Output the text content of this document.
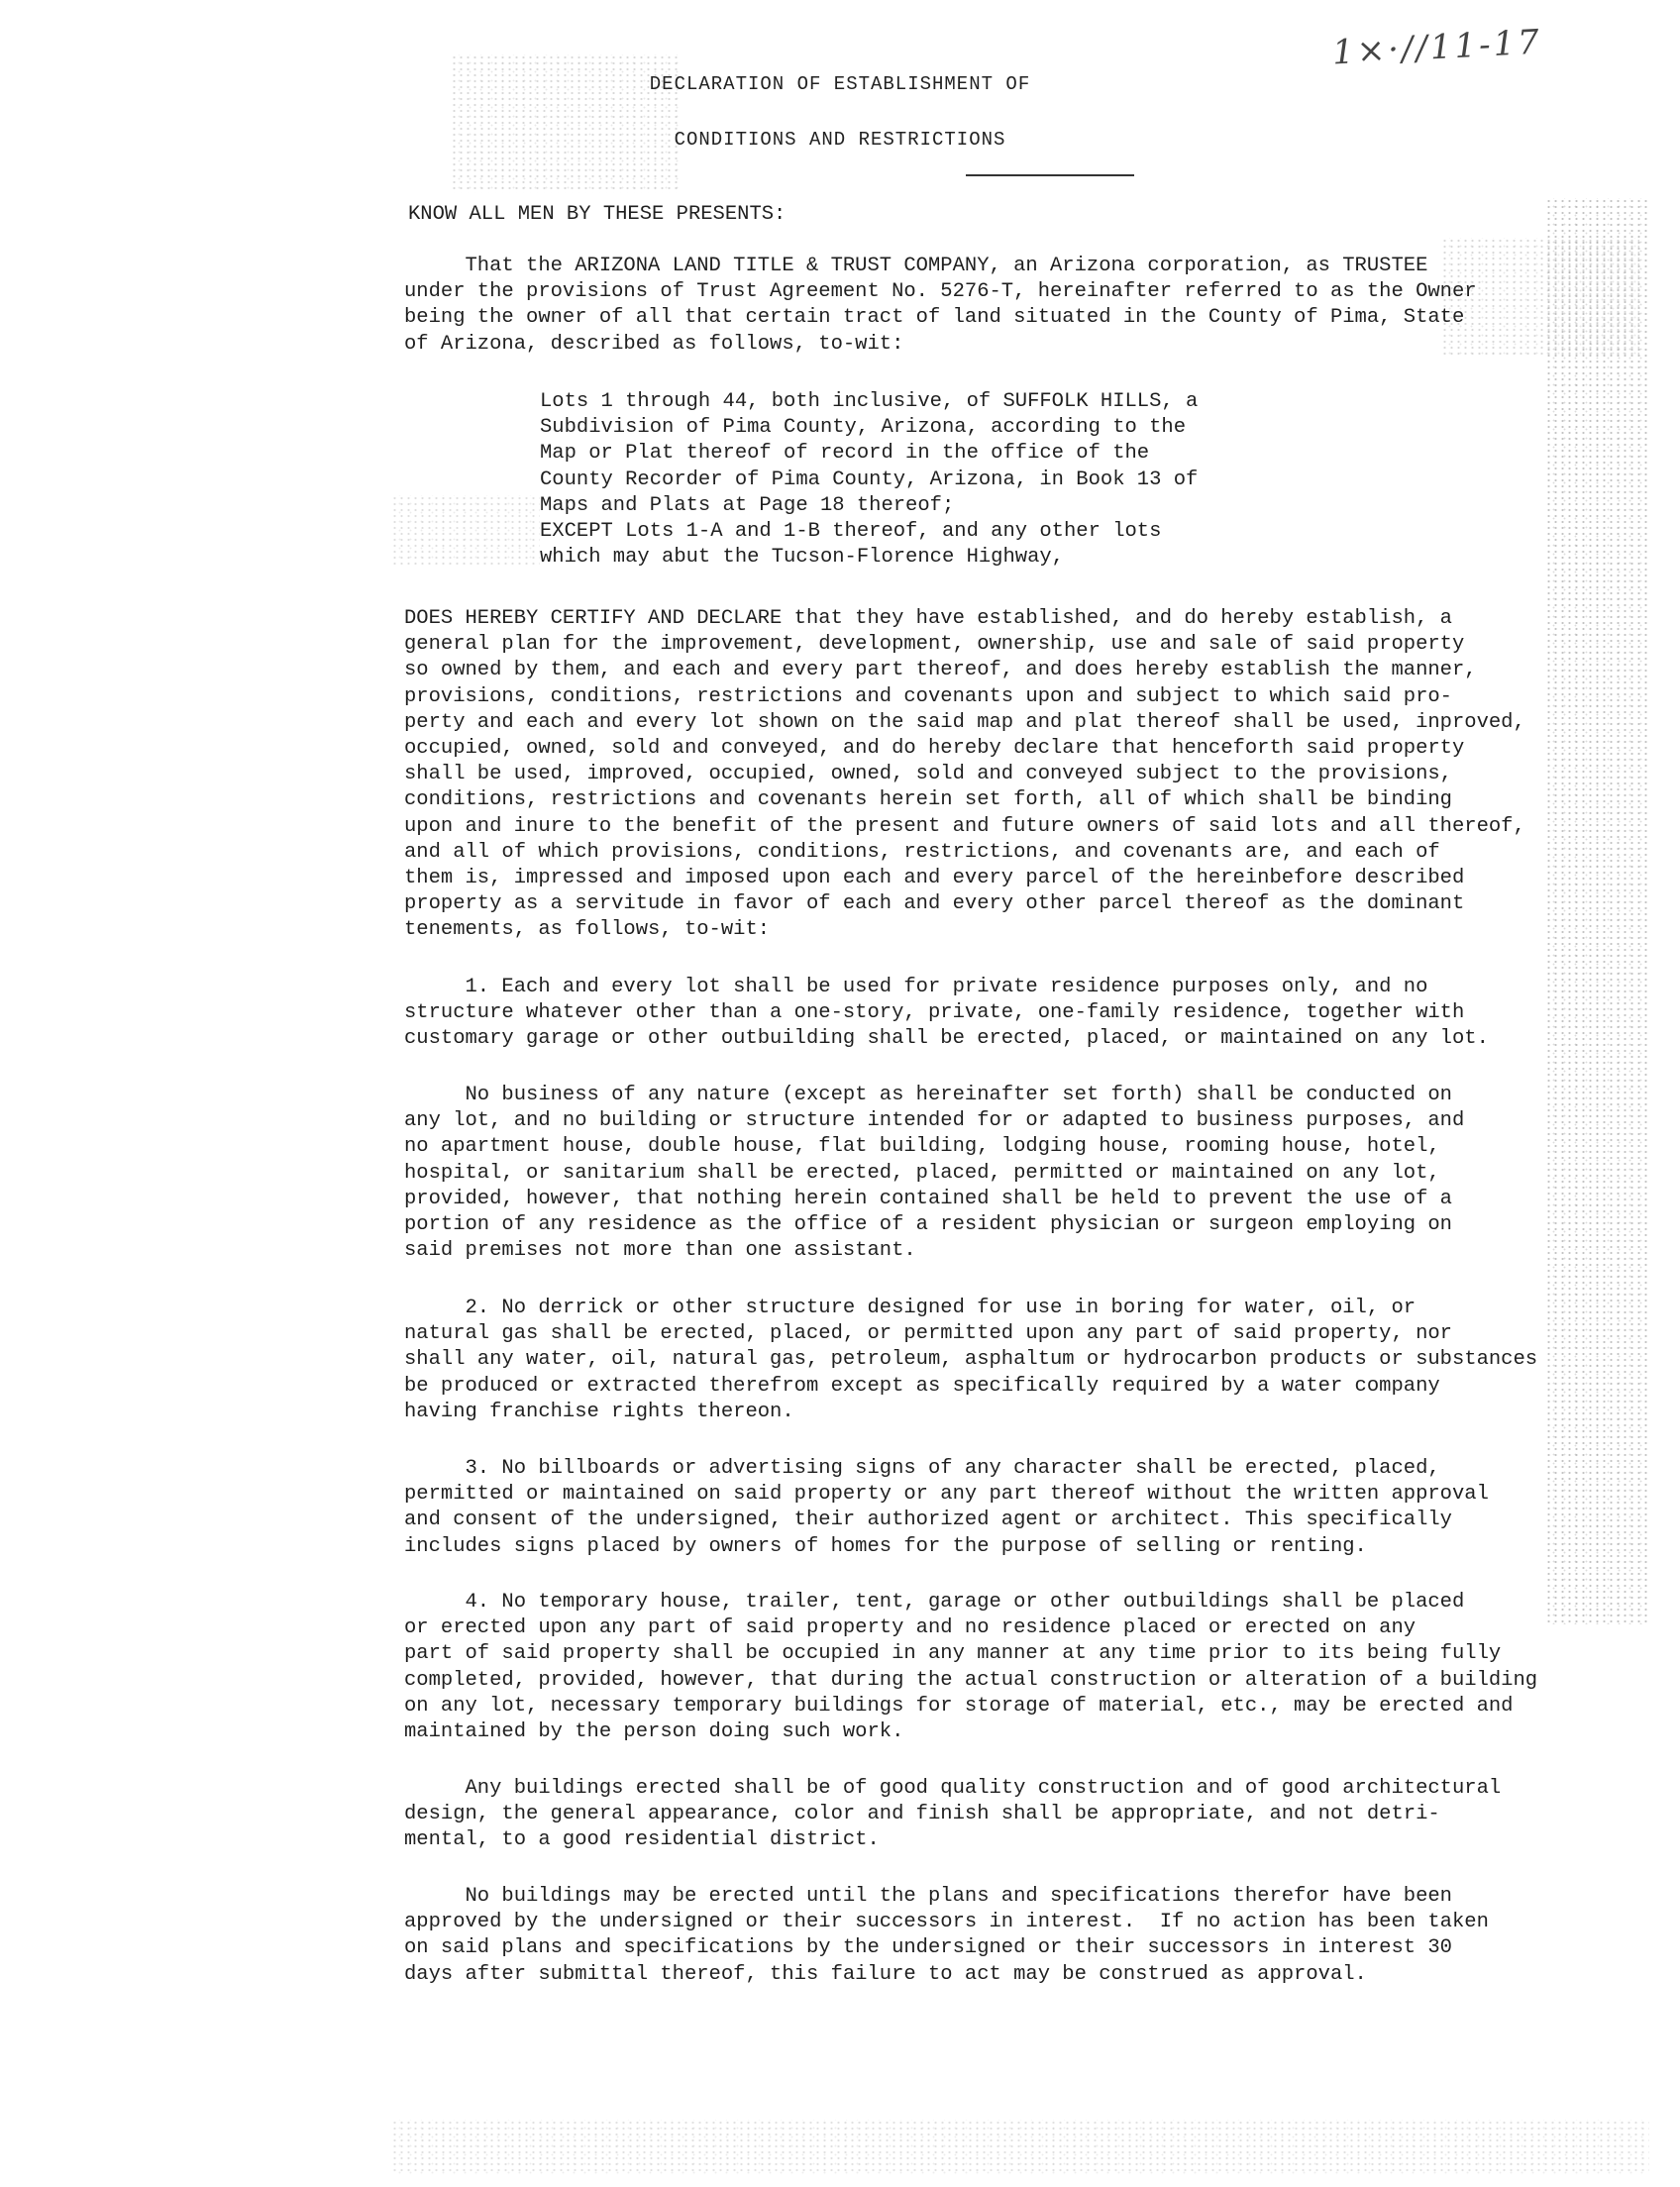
1×·//11-17
DECLARATION OF ESTABLISHMENT OF
CONDITIONS AND RESTRICTIONS
KNOW ALL MEN BY THESE PRESENTS:
That the ARIZONA LAND TITLE & TRUST COMPANY, an Arizona corporation, as TRUSTEE
under the provisions of Trust Agreement No. 5276-T, hereinafter referred to as the Owner
being the owner of all that certain tract of land situated in the County of Pima, State
of Arizona, described as follows, to-wit:
Lots 1 through 44, both inclusive, of SUFFOLK HILLS, a
Subdivision of Pima County, Arizona, according to the
Map or Plat thereof of record in the office of the
County Recorder of Pima County, Arizona, in Book 13 of
Maps and Plats at Page 18 thereof;
EXCEPT Lots 1-A and 1-B thereof, and any other lots
which may abut the Tucson-Florence Highway,
DOES HEREBY CERTIFY AND DECLARE that they have established, and do hereby establish, a
general plan for the improvement, development, ownership, use and sale of said property
so owned by them, and each and every part thereof, and does hereby establish the manner,
provisions, conditions, restrictions and covenants upon and subject to which said pro-
perty and each and every lot shown on the said map and plat thereof shall be used, inproved,
occupied, owned, sold and conveyed, and do hereby declare that henceforth said property
shall be used, improved, occupied, owned, sold and conveyed subject to the provisions,
conditions, restrictions and covenants herein set forth, all of which shall be binding
upon and inure to the benefit of the present and future owners of said lots and all thereof,
and all of which provisions, conditions, restrictions, and covenants are, and each of
them is, impressed and imposed upon each and every parcel of the hereinbefore described
property as a servitude in favor of each and every other parcel thereof as the dominant
tenements, as follows, to-wit:
1. Each and every lot shall be used for private residence purposes only, and no
structure whatever other than a one-story, private, one-family residence, together with
customary garage or other outbuilding shall be erected, placed, or maintained on any lot.
No business of any nature (except as hereinafter set forth) shall be conducted on
any lot, and no building or structure intended for or adapted to business purposes, and
no apartment house, double house, flat building, lodging house, rooming house, hotel,
hospital, or sanitarium shall be erected, placed, permitted or maintained on any lot,
provided, however, that nothing herein contained shall be held to prevent the use of a
portion of any residence as the office of a resident physician or surgeon employing on
said premises not more than one assistant.
2. No derrick or other structure designed for use in boring for water, oil, or
natural gas shall be erected, placed, or permitted upon any part of said property, nor
shall any water, oil, natural gas, petroleum, asphaltum or hydrocarbon products or substances
be produced or extracted therefrom except as specifically required by a water company
having franchise rights thereon.
3. No billboards or advertising signs of any character shall be erected, placed,
permitted or maintained on said property or any part thereof without the written approval
and consent of the undersigned, their authorized agent or architect. This specifically
includes signs placed by owners of homes for the purpose of selling or renting.
4. No temporary house, trailer, tent, garage or other outbuildings shall be placed
or erected upon any part of said property and no residence placed or erected on any
part of said property shall be occupied in any manner at any time prior to its being fully
completed, provided, however, that during the actual construction or alteration of a building
on any lot, necessary temporary buildings for storage of material, etc., may be erected and
maintained by the person doing such work.
Any buildings erected shall be of good quality construction and of good architectural
design, the general appearance, color and finish shall be appropriate, and not detri-
mental, to a good residential district.
No buildings may be erected until the plans and specifications therefor have been
approved by the undersigned or their successors in interest.  If no action has been taken
on said plans and specifications by the undersigned or their successors in interest 30
days after submittal thereof, this failure to act may be construed as approval.
